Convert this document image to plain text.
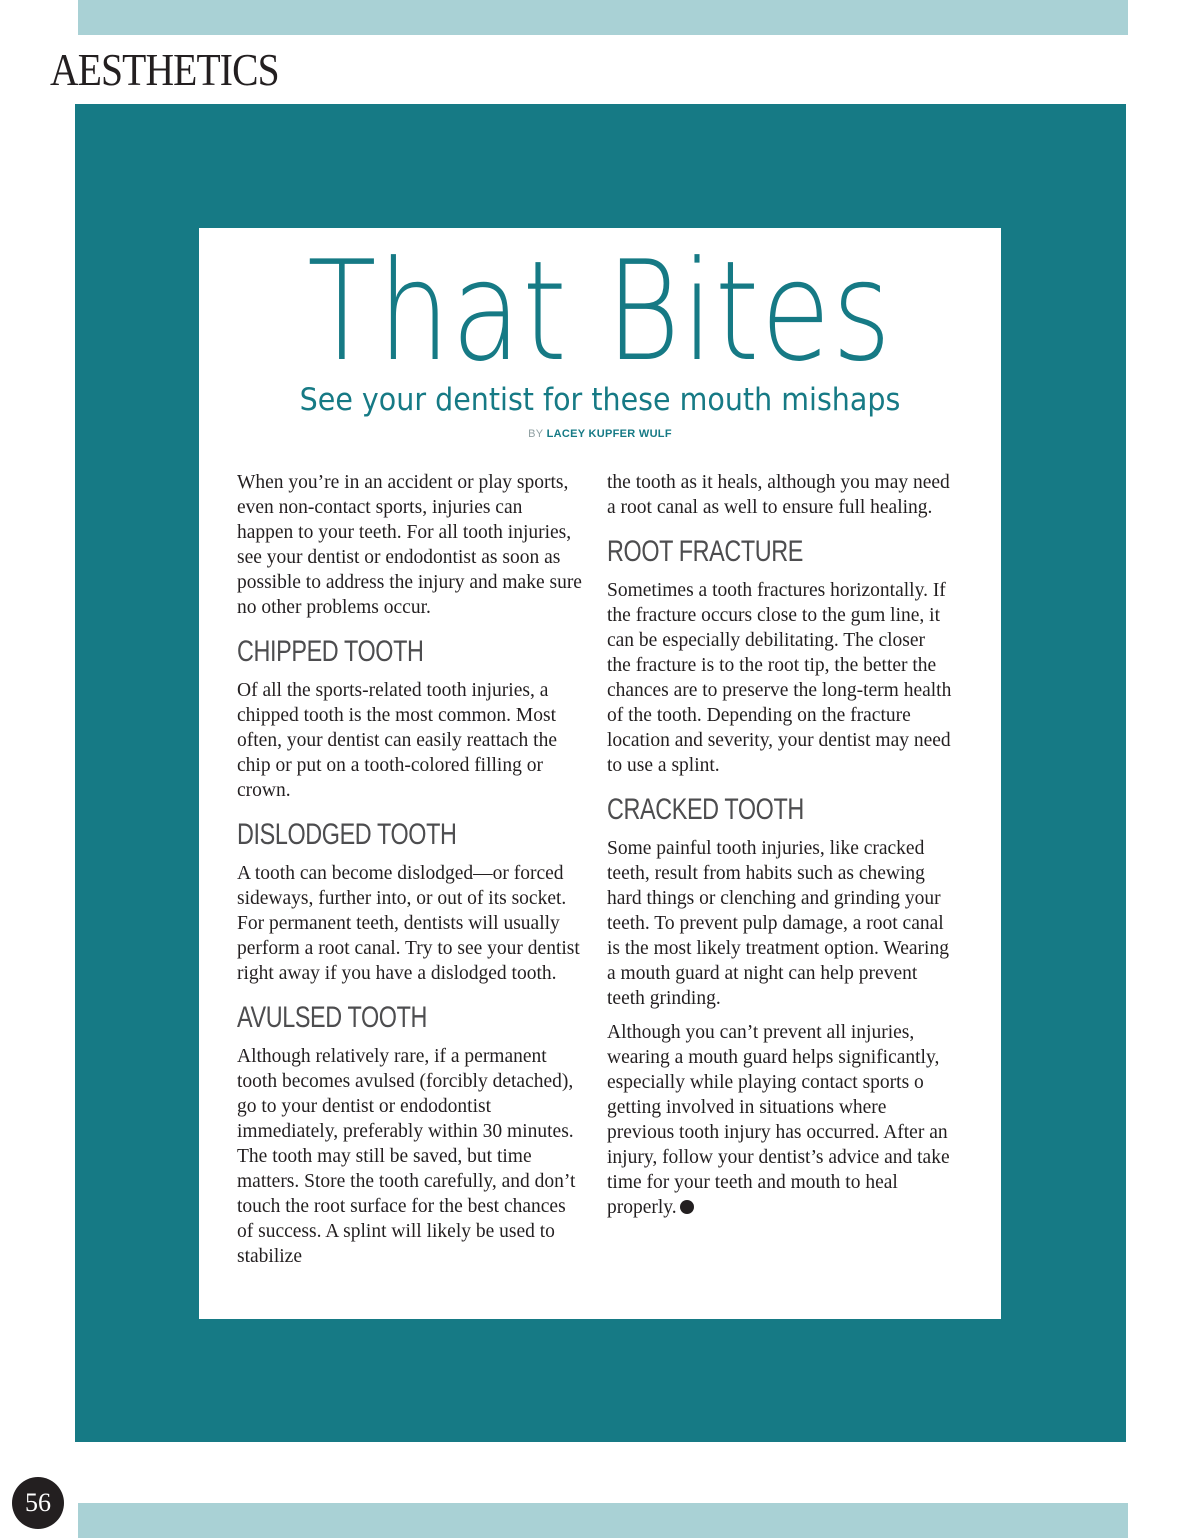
AESTHETICS
That Bites
See your dentist for these mouth mishaps
BY LACEY KUPFER WULF

When you’re in an accident or play sports, even non-contact sports, injuries can happen to your teeth. For all tooth injuries, see your dentist or endodontist as soon as possible to address the injury and make sure no other problems occur.

CHIPPED TOOTH

Of all the sports-related tooth injuries, a chipped tooth is the most common. Most often, your dentist can easily reattach the chip or put on a tooth-colored filling or crown.

DISLODGED TOOTH

A tooth can become dislodged—or forced sideways, further into, or out of its socket. For permanent teeth, dentists will usually perform a root canal. Try to see your dentist right away if you have a dislodged tooth.

AVULSED TOOTH

Although relatively rare, if a permanent tooth becomes avulsed (forcibly detached), go to your dentist or endodontist immediately, preferably within 30 minutes. The tooth may still be saved, but time matters. Store the tooth carefully, and don’t touch the root surface for the best chances of success. A splint will likely be used to stabilize

the tooth as it heals, although you may need a root canal as well to ensure full healing.

ROOT FRACTURE

Sometimes a tooth fractures horizontally. If the fracture occurs close to the gum line, it can be especially debilitating. The closer the fracture is to the root tip, the better the chances are to preserve the long-term health of the tooth. Depending on the fracture location and severity, your dentist may need to use a splint.

CRACKED TOOTH

Some painful tooth injuries, like cracked teeth, result from habits such as chewing hard things or clenching and grinding your teeth. To prevent pulp damage, a root canal is the most likely treatment option. Wearing a mouth guard at night can help prevent teeth grinding.

Although you can’t prevent all injuries, wearing a mouth guard helps significantly, especially while playing contact sports o getting involved in situations where previous tooth injury has occurred. After an injury, follow your dentist’s advice and take time for your teeth and mouth to heal properly.

56
